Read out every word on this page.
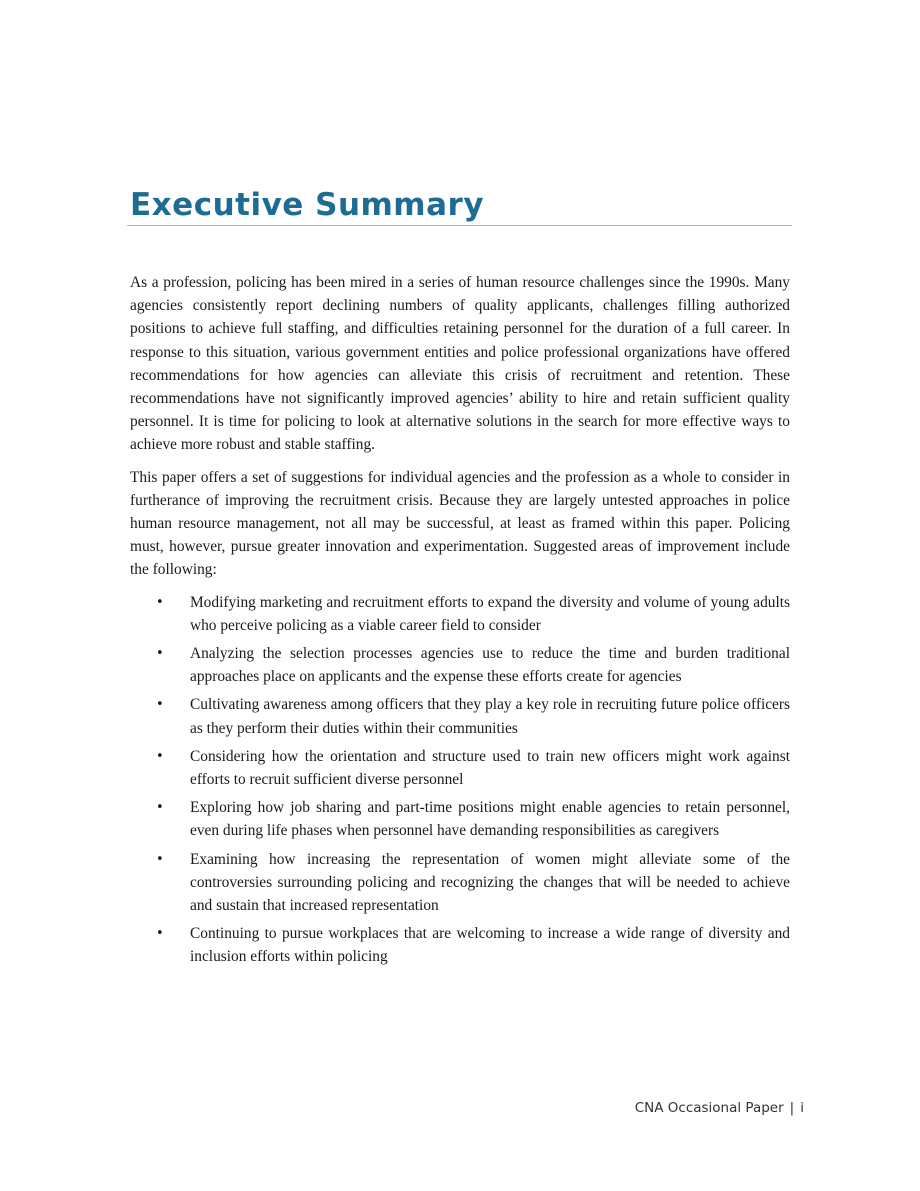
Executive Summary

As a profession, policing has been mired in a series of human resource challenges since the 1990s. Many agencies consistently report declining numbers of quality applicants, challenges filling authorized positions to achieve full staffing, and difficulties retaining personnel for the duration of a full career. In response to this situation, various government entities and police professional organizations have offered recommendations for how agencies can alleviate this crisis of recruitment and retention. These recommendations have not significantly improved agencies’ ability to hire and retain sufficient quality personnel. It is time for policing to look at alternative solutions in the search for more effective ways to achieve more robust and stable staffing.

This paper offers a set of suggestions for individual agencies and the profession as a whole to consider in furtherance of improving the recruitment crisis. Because they are largely untested approaches in police human resource management, not all may be successful, at least as framed within this paper. Policing must, however, pursue greater innovation and experimentation. Suggested areas of improvement include the following:

• Modifying marketing and recruitment efforts to expand the diversity and volume of young adults who perceive policing as a viable career field to consider
• Analyzing the selection processes agencies use to reduce the time and burden traditional approaches place on applicants and the expense these efforts create for agencies
• Cultivating awareness among officers that they play a key role in recruiting future police officers as they perform their duties within their communities
• Considering how the orientation and structure used to train new officers might work against efforts to recruit sufficient diverse personnel
• Exploring how job sharing and part-time positions might enable agencies to retain personnel, even during life phases when personnel have demanding responsibilities as caregivers
• Examining how increasing the representation of women might alleviate some of the controversies surrounding policing and recognizing the changes that will be needed to achieve and sustain that increased representation
• Continuing to pursue workplaces that are welcoming to increase a wide range of diversity and inclusion efforts within policing
CNA Occasional Paper | i
